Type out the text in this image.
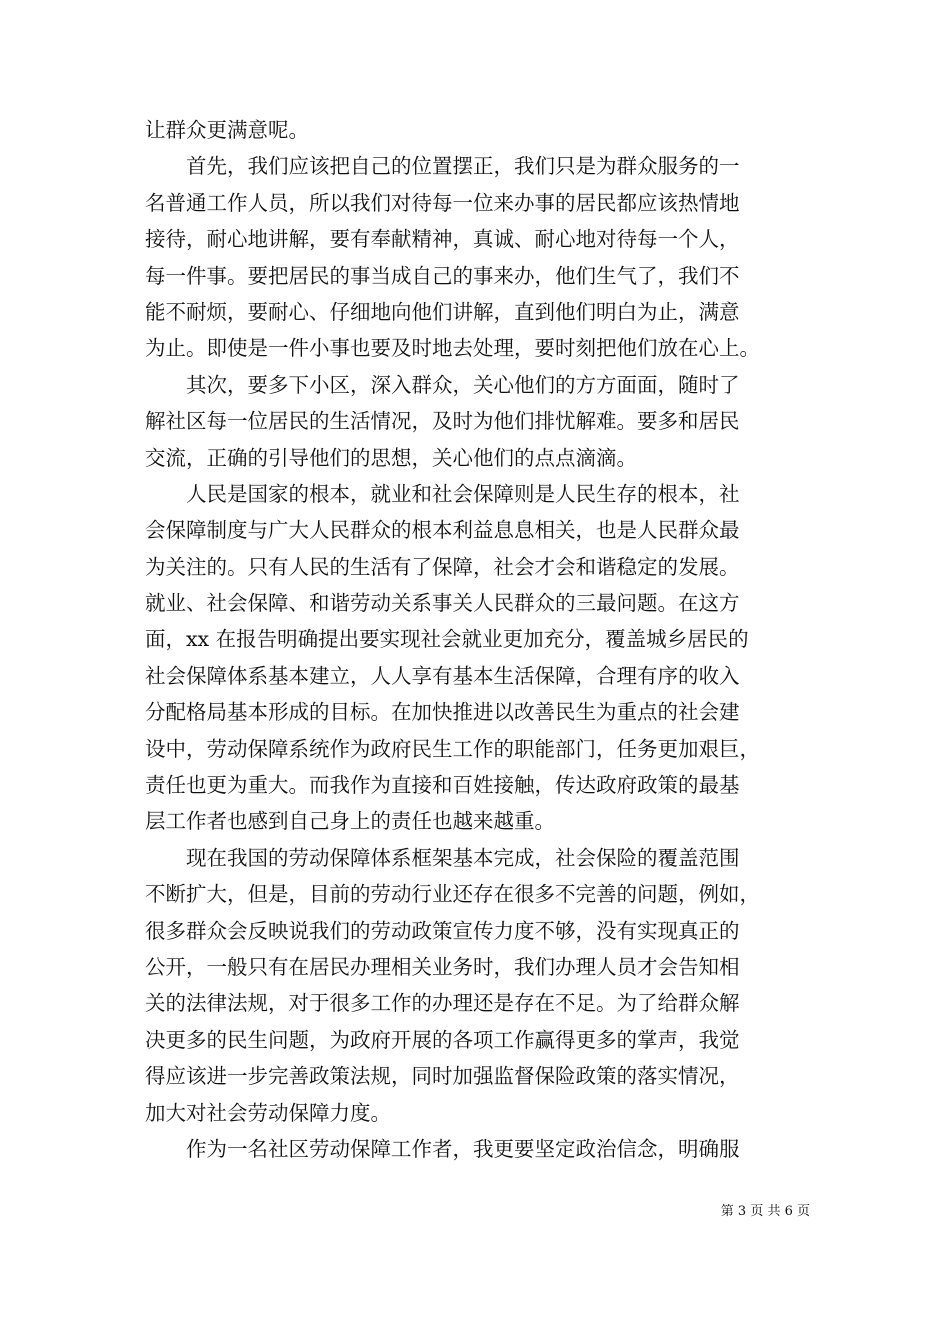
让群众更满意呢。
首先，我们应该把自己的位置摆正，我们只是为群众服务的一
名普通工作人员，所以我们对待每一位来办事的居民都应该热情地
接待，耐心地讲解，要有奉献精神，真诚、耐心地对待每一个人，
每一件事。要把居民的事当成自己的事来办，他们生气了，我们不
能不耐烦，要耐心、仔细地向他们讲解，直到他们明白为止，满意
为止。即使是一件小事也要及时地去处理，要时刻把他们放在心上。
其次，要多下小区，深入群众，关心他们的方方面面，随时了
解社区每一位居民的生活情况，及时为他们排忧解难。要多和居民
交流，正确的引导他们的思想，关心他们的点点滴滴。
人民是国家的根本，就业和社会保障则是人民生存的根本，社
会保障制度与广大人民群众的根本利益息息相关，也是人民群众最
为关注的。只有人民的生活有了保障，社会才会和谐稳定的发展。
就业、社会保障、和谐劳动关系事关人民群众的三最问题。在这方
面，xx 在报告明确提出要实现社会就业更加充分，覆盖城乡居民的
社会保障体系基本建立，人人享有基本生活保障，合理有序的收入
分配格局基本形成的目标。在加快推进以改善民生为重点的社会建
设中，劳动保障系统作为政府民生工作的职能部门，任务更加艰巨，
责任也更为重大。而我作为直接和百姓接触，传达政府政策的最基
层工作者也感到自己身上的责任也越来越重。
现在我国的劳动保障体系框架基本完成，社会保险的覆盖范围
不断扩大，但是，目前的劳动行业还存在很多不完善的问题，例如，
很多群众会反映说我们的劳动政策宣传力度不够，没有实现真正的
公开，一般只有在居民办理相关业务时，我们办理人员才会告知相
关的法律法规，对于很多工作的办理还是存在不足。为了给群众解
决更多的民生问题，为政府开展的各项工作赢得更多的掌声，我觉
得应该进一步完善政策法规，同时加强监督保险政策的落实情况，
加大对社会劳动保障力度。
作为一名社区劳动保障工作者，我更要坚定政治信念，明确服
第 3 页 共 6 页
